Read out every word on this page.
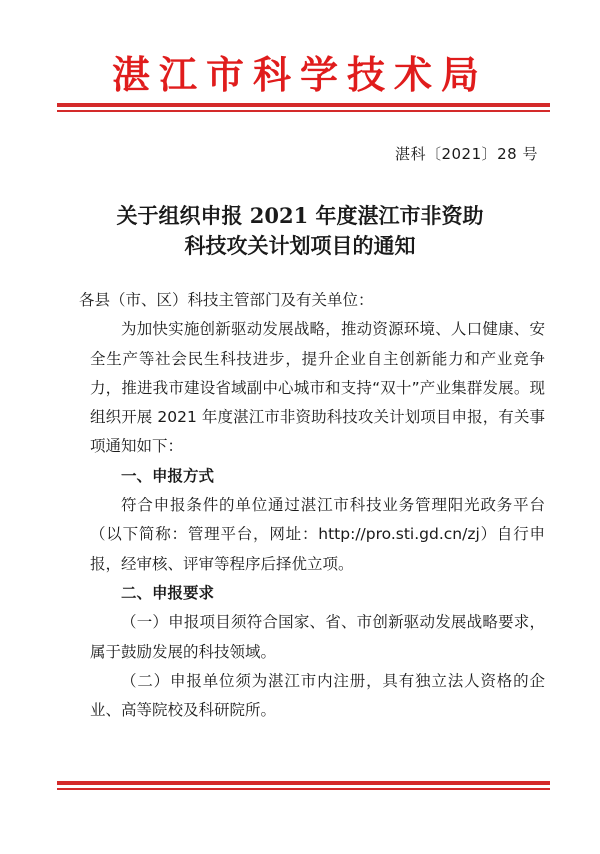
湛江市科学技术局
湛科〔2021〕28 号
关于组织申报 2021 年度湛江市非资助
科技攻关计划项目的通知

各县（市、区）科技主管部门及有关单位：

为加快实施创新驱动发展战略，推动资源环境、人口健康、安全生产等社会民生科技进步，提升企业自主创新能力和产业竞争力，推进我市建设省域副中心城市和支持“双十”产业集群发展。现组织开展 2021 年度湛江市非资助科技攻关计划项目申报，有关事项通知如下：

一、申报方式

符合申报条件的单位通过湛江市科技业务管理阳光政务平台（以下简称：管理平台，网址：http://pro.sti.gd.cn/zj）自行申报，经审核、评审等程序后择优立项。

二、申报要求

（一）申报项目须符合国家、省、市创新驱动发展战略要求，属于鼓励发展的科技领域。

（二）申报单位须为湛江市内注册，具有独立法人资格的企业、高等院校及科研院所。
